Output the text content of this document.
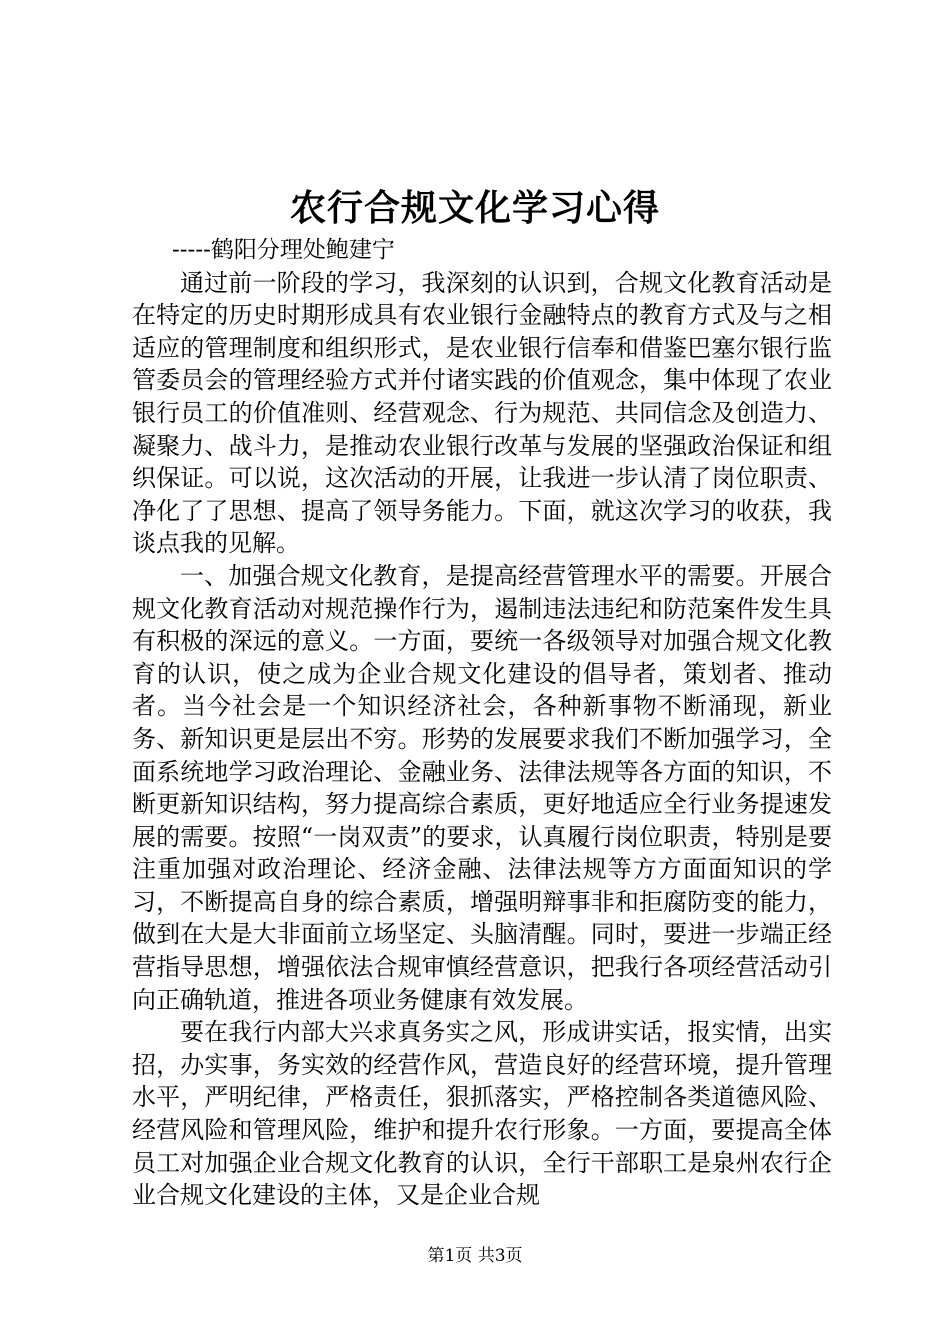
农行合规文化学习心得

-----鹤阳分理处鲍建宁

通过前一阶段的学习，我深刻的认识到，合规文化教育活动是在特定的历史时期形成具有农业银行金融特点的教育方式及与之相适应的管理制度和组织形式，是农业银行信奉和借鉴巴塞尔银行监管委员会的管理经验方式并付诸实践的价值观念，集中体现了农业银行员工的价值准则、经营观念、行为规范、共同信念及创造力、凝聚力、战斗力，是推动农业银行改革与发展的坚强政治保证和组织保证。可以说，这次活动的开展，让我进一步认清了岗位职责、净化了了思想、提高了领导务能力。下面，就这次学习的收获，我谈点我的见解。

一、加强合规文化教育，是提高经营管理水平的需要。开展合规文化教育活动对规范操作行为，遏制违法违纪和防范案件发生具有积极的深远的意义。一方面，要统一各级领导对加强合规文化教育的认识，使之成为企业合规文化建设的倡导者，策划者、推动者。当今社会是一个知识经济社会，各种新事物不断涌现，新业务、新知识更是层出不穷。形势的发展要求我们不断加强学习，全面系统地学习政治理论、金融业务、法律法规等各方面的知识，不断更新知识结构，努力提高综合素质，更好地适应全行业务提速发展的需要。按照“一岗双责”的要求，认真履行岗位职责，特别是要注重加强对政治理论、经济金融、法律法规等方方面面知识的学习，不断提高自身的综合素质，增强明辩事非和拒腐防变的能力，做到在大是大非面前立场坚定、头脑清醒。同时，要进一步端正经营指导思想，增强依法合规审慎经营意识，把我行各项经营活动引向正确轨道，推进各项业务健康有效发展。

要在我行内部大兴求真务实之风，形成讲实话，报实情，出实招，办实事，务实效的经营作风，营造良好的经营环境，提升管理水平，严明纪律，严格责任，狠抓落实，严格控制各类道德风险、经营风险和管理风险，维护和提升农行形象。一方面，要提高全体员工对加强企业合规文化教育的认识，全行干部职工是泉州农行企业合规文化建设的主体，又是企业合规

第1页 共3页
